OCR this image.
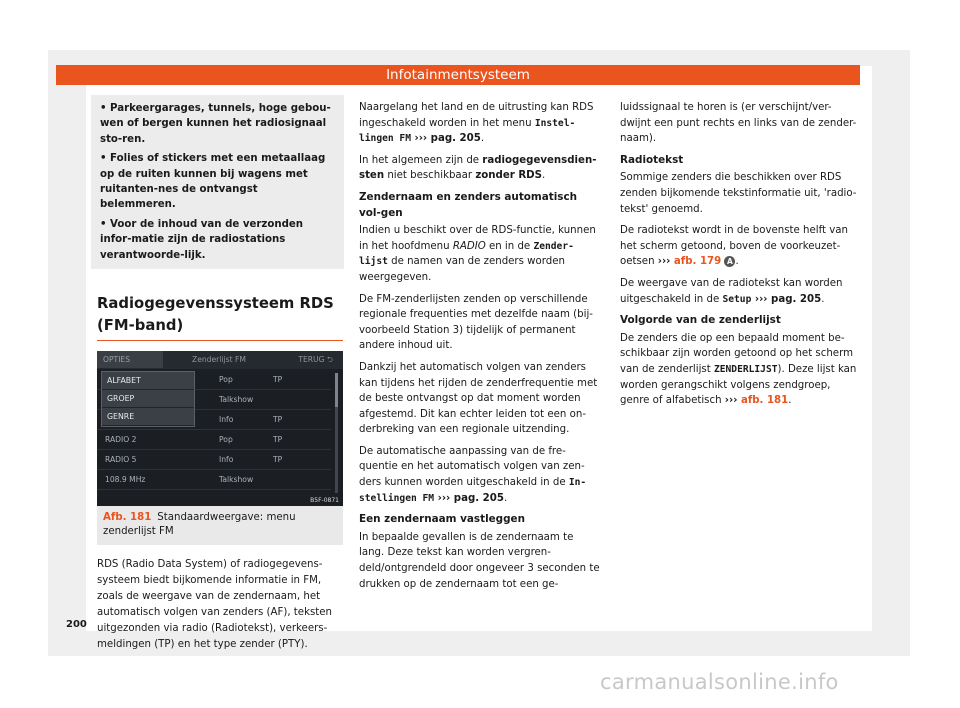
Infotainmentsysteem

• Parkeergarages, tunnels, hoge gebou-wen of bergen kunnen het radiosignaal sto-ren.

• Folies of stickers met een metaallaag op de ruiten kunnen bij wagens met ruitanten-nes de ontvangst belemmeren.

• Voor de inhoud van de verzonden infor-matie zijn de radiostations verantwoorde-lijk.

Radiogegevenssysteem RDS (FM-band)
OPTIES	Zenderlijst FM	TERUG ⮌
Pop	TP
Talkshow
Info	TP
RADIO 2	Pop	TP
RADIO 5	Info	TP
108.9 MHz	Talkshow
ALFABET
GROEP
GENRE
B5F-0871
Afb. 181 Standaardweergave: menu zenderlijst FM
RDS (Radio Data System) of radiogegevens-systeem biedt bijkomende informatie in FM, zoals de weergave van de zendernaam, het automatisch volgen van zenders (AF), teksten uitgezonden via radio (Radiotekst), verkeers-meldingen (TP) en het type zender (PTY).

Naargelang het land en de uitrusting kan RDS ingeschakeld worden in het menu Instel-lingen FM ››› pag. 205.

In het algemeen zijn de radiogegevensdien-sten niet beschikbaar zonder RDS.

Zendernaam en zenders automatisch vol-gen

Indien u beschikt over de RDS-functie, kunnen in het hoofdmenu RADIO en in de Zender-lijst de namen van de zenders worden weergegeven.

De FM-zenderlijsten zenden op verschillende regionale frequenties met dezelfde naam (bij-voorbeeld Station 3) tijdelijk of permanent andere inhoud uit.

Dankzij het automatisch volgen van zenders kan tijdens het rijden de zenderfrequentie met de beste ontvangst op dat moment worden afgestemd. Dit kan echter leiden tot een on-derbreking van een regionale uitzending.

De automatische aanpassing van de fre-quentie en het automatisch volgen van zen-ders kunnen worden uitgeschakeld in de In-stellingen FM ››› pag. 205.

Een zendernaam vastleggen

In bepaalde gevallen is de zendernaam te lang. Deze tekst kan worden vergren-deld/ontgrendeld door ongeveer 3 seconden te drukken op de zendernaam tot een ge-

luidssignaal te horen is (er verschijnt/ver-dwijnt een punt rechts en links van de zender-naam).

Radiotekst

Sommige zenders die beschikken over RDS zenden bijkomende tekstinformatie uit, 'radio-tekst' genoemd.

De radiotekst wordt in de bovenste helft van het scherm getoond, boven de voorkeuzet-oetsen ››› afb. 179 A .

De weergave van de radiotekst kan worden uitgeschakeld in de Setup ››› pag. 205.

Volgorde van de zenderlijst

De zenders die op een bepaald moment be-schikbaar zijn worden getoond op het scherm van de zenderlijst ZENDERLIJST). Deze lijst kan worden gerangschikt volgens zendgroep, genre of alfabetisch ››› afb. 181.

200
carmanualsonline.info
